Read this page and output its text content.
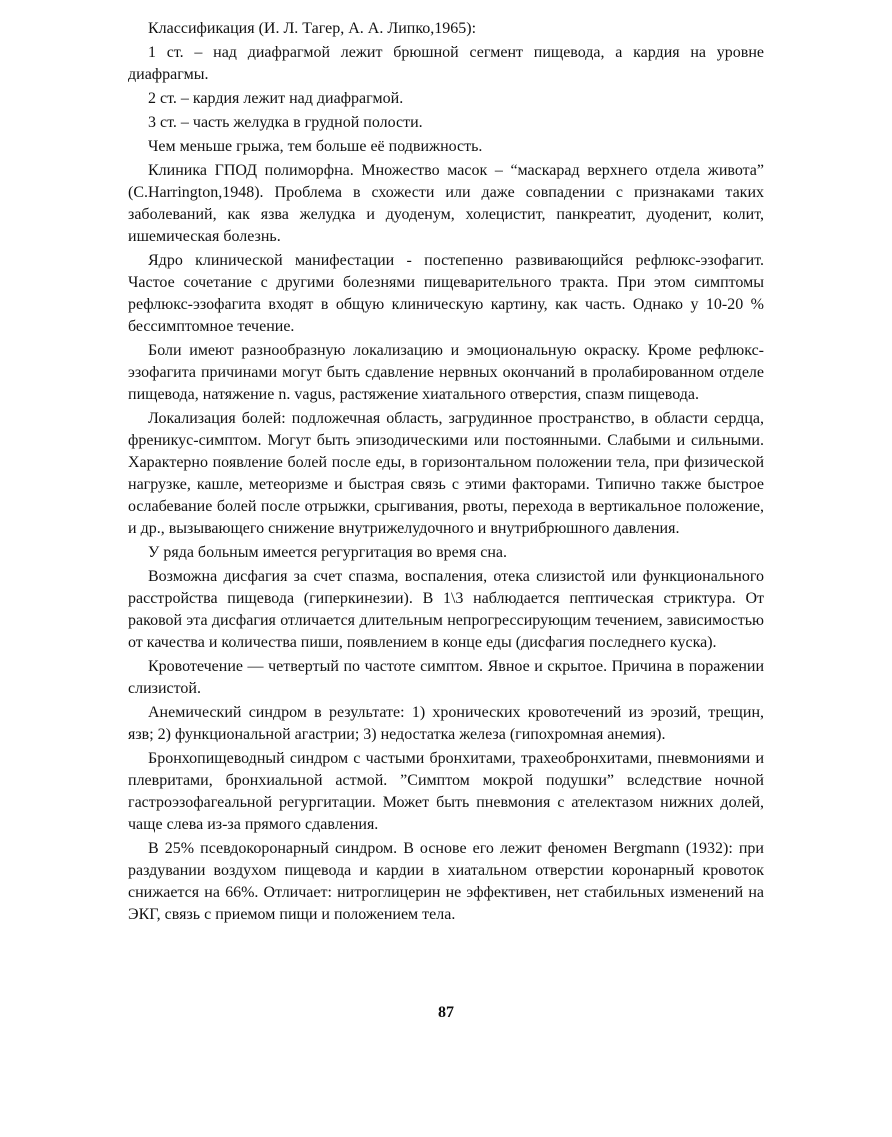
Классификация (И. Л. Тагер, А. А. Липко,1965):

1 ст. – над диафрагмой лежит брюшной сегмент пищевода, а кардия на уровне диафрагмы.

2 ст. – кардия лежит над диафрагмой.

3 ст. – часть желудка в грудной полости.

Чем меньше грыжа, тем больше её подвижность.

Клиника ГПОД полиморфна. Множество масок – “маскарад верхнего отдела живота” (C.Harrington,1948). Проблема в схожести или даже совпадении с признаками таких заболеваний, как язва желудка и дуоденум, холецистит, панкреатит, дуоденит, колит, ишемическая болезнь.

Ядро клинической манифестации - постепенно развивающийся рефлюкс-эзофагит. Частое сочетание с другими болезнями пищеварительного тракта. При этом симптомы рефлюкс-эзофагита входят в общую клиническую картину, как часть. Однако у 10-20 % бессимптомное течение.

Боли имеют разнообразную локализацию и эмоциональную окраску. Кроме рефлюкс-эзофагита причинами могут быть сдавление нервных окончаний в пролабированном отделе пищевода, натяжение n. vagus, растяжение хиатального отверстия, спазм пищевода.

Локализация болей: подложечная область, загрудинное пространство, в области сердца, френикус-симптом. Могут быть эпизодическими или постоянными. Слабыми и сильными. Характерно появление болей после еды, в горизонтальном положении тела, при физической нагрузке, кашле, метеоризме и быстрая связь с этими факторами. Типично также быстрое ослабевание болей после отрыжки, срыгивания, рвоты, перехода в вертикальное положение, и др., вызывающего снижение внутрижелудочного и внутрибрюшного давления.

У ряда больным имеется регургитация во время сна.

Возможна дисфагия за счет спазма, воспаления, отека слизистой или функционального расстройства пищевода (гиперкинезии). В 1\3 наблюдается пептическая стриктура. От раковой эта дисфагия отличается длительным непрогрессирующим течением, зависимостью от качества и количества пиши, появлением в конце еды (дисфагия последнего куска).

Кровотечение — четвертый по частоте симптом. Явное и скрытое. Причина в поражении слизистой.

Анемический синдром в результате: 1) хронических кровотечений из эрозий, трещин, язв; 2) функциональной агастрии; 3) недостатка железа (гипохромная анемия).

Бронхопищеводный синдром с частыми бронхитами, трахеобронхитами, пневмониями и плевритами, бронхиальной астмой. ”Симптом мокрой подушки” вследствие ночной гастроэзофагеальной регургитации. Может быть пневмония с ателектазом нижних долей, чаще слева из-за прямого сдавления.

В 25% псевдокоронарный синдром. В основе его лежит феномен Bergmann (1932): при раздувании воздухом пищевода и кардии в хиатальном отверстии коронарный кровоток снижается на 66%. Отличает: нитроглицерин не эффективен, нет стабильных изменений на ЭКГ, связь с приемом пищи и положением тела.

87
